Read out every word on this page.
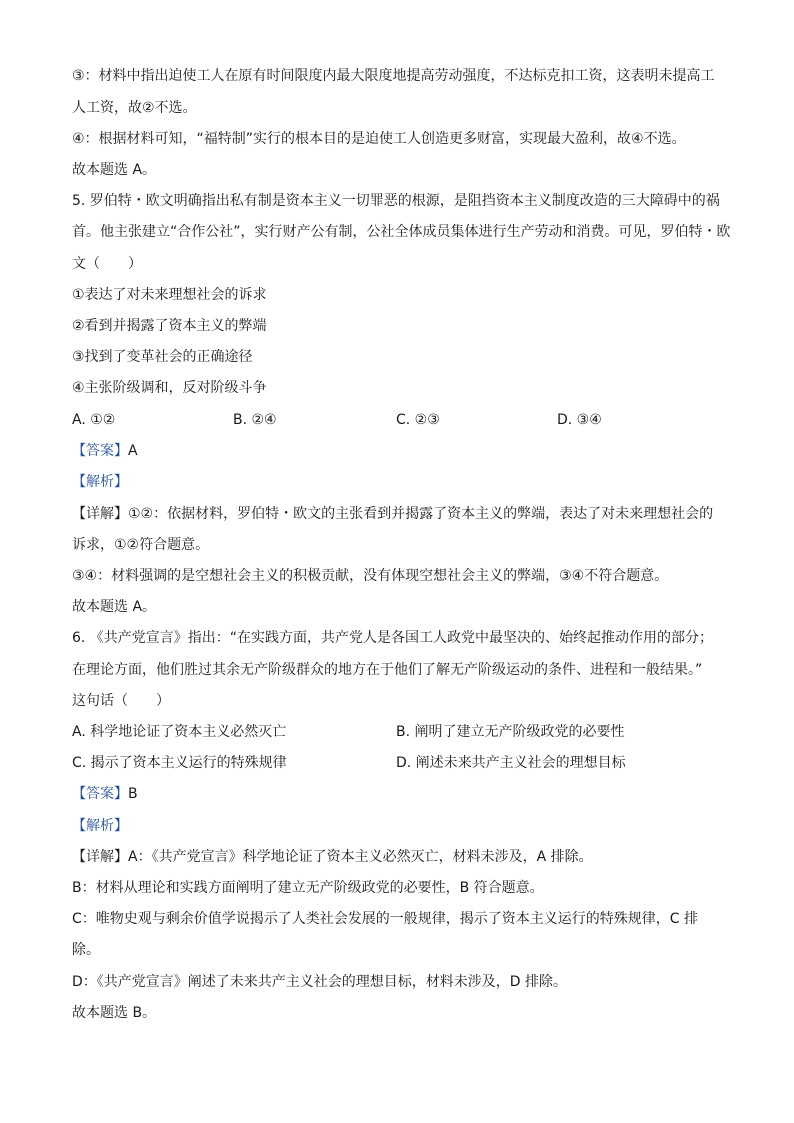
③：材料中指出迫使工人在原有时间限度内最大限度地提高劳动强度，不达标克扣工资，这表明未提高工
人工资，故②不选。
④：根据材料可知，“福特制”实行的根本目的是迫使工人创造更多财富，实现最大盈利，故④不选。
故本题选 A。
5. 罗伯特・欧文明确指出私有制是资本主义一切罪恶的根源，是阻挡资本主义制度改造的三大障碍中的祸
首。他主张建立“合作公社”，实行财产公有制，公社全体成员集体进行生产劳动和消费。可见，罗伯特・欧
文（　　）
①表达了对未来理想社会的诉求
②看到并揭露了资本主义的弊端
③找到了变革社会的正确途径
④主张阶级调和，反对阶级斗争
A. ①②	B. ②④	C. ②③	D. ③④
【答案】A
【解析】
【详解】①②：依据材料，罗伯特・欧文的主张看到并揭露了资本主义的弊端，表达了对未来理想社会的
诉求，①②符合题意。
③④：材料强调的是空想社会主义的积极贡献，没有体现空想社会主义的弊端，③④不符合题意。
故本题选 A。
6. 《共产党宣言》指出：“在实践方面，共产党人是各国工人政党中最坚决的、始终起推动作用的部分；
在理论方面，他们胜过其余无产阶级群众的地方在于他们了解无产阶级运动的条件、进程和一般结果。”
这句话（　　）
A. 科学地论证了资本主义必然灭亡	B. 阐明了建立无产阶级政党的必要性
C. 揭示了资本主义运行的特殊规律	D. 阐述未来共产主义社会的理想目标
【答案】B
【解析】
【详解】A：《共产党宣言》科学地论证了资本主义必然灭亡，材料未涉及，A 排除。
B：材料从理论和实践方面阐明了建立无产阶级政党的必要性，B 符合题意。
C：唯物史观与剩余价值学说揭示了人类社会发展的一般规律，揭示了资本主义运行的特殊规律，C 排
除。
D：《共产党宣言》阐述了未来共产主义社会的理想目标，材料未涉及，D 排除。
故本题选 B。
